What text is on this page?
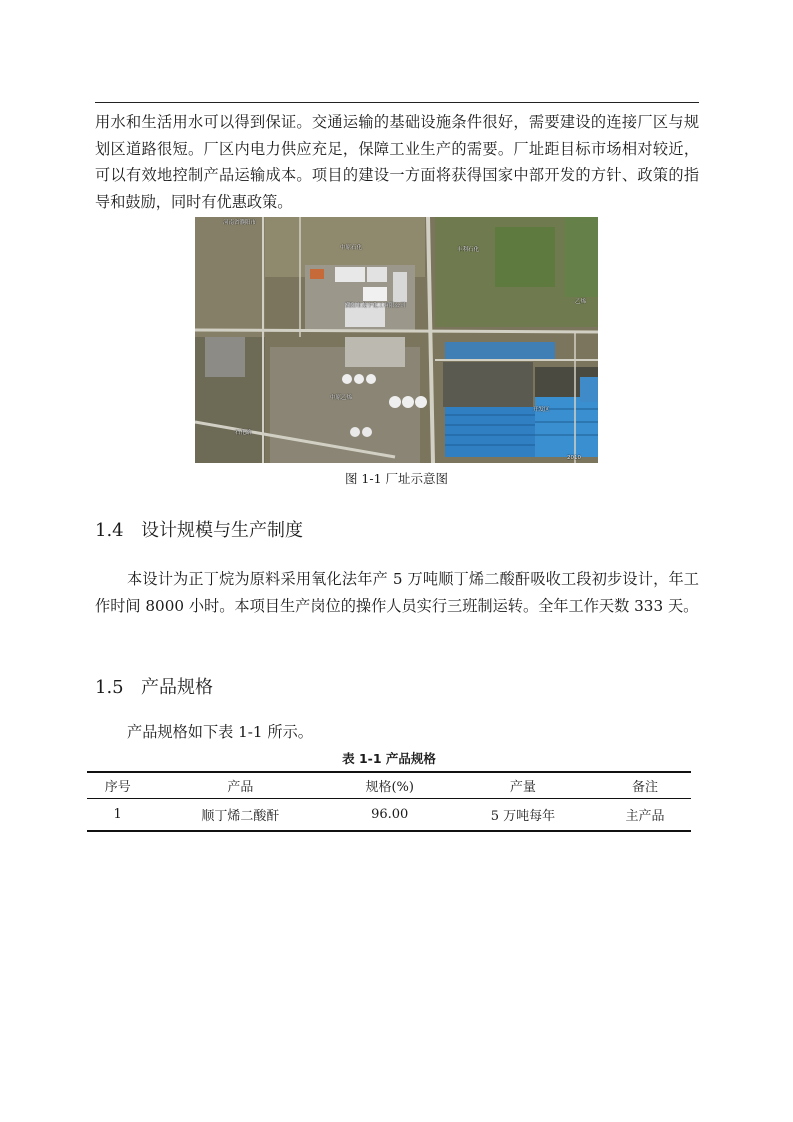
用水和生活用水可以得到保证。交通运输的基础设施条件很好，需要建设的连接厂区与规划区道路很短。厂区内电力供应充足，保障工业生产的需要。厂址距目标市场相对较近，可以有效地控制产品运输成本。项目的建设一方面将获得国家中部开发的方针、政策的指导和鼓励，同时有优惠政策。

河南省濮阳市
中原石化	丰利石化
乙烯
濮阳市龙宇化工有限公司
中原乙烯
石化路
开发区
2010
图 1-1 厂址示意图
1.4 设计规模与生产制度

本设计为正丁烷为原料采用氧化法年产 5 万吨顺丁烯二酸酐吸收工段初步设计，年工作时间 8000 小时。本项目生产岗位的操作人员实行三班制运转。全年工作天数 333 天。

1.5 产品规格

产品规格如下表 1-1 所示。

表 1-1 产品规格
序号	产品	规格(%)	产量	备注
1	顺丁烯二酸酐	96.00	5 万吨每年	主产品
